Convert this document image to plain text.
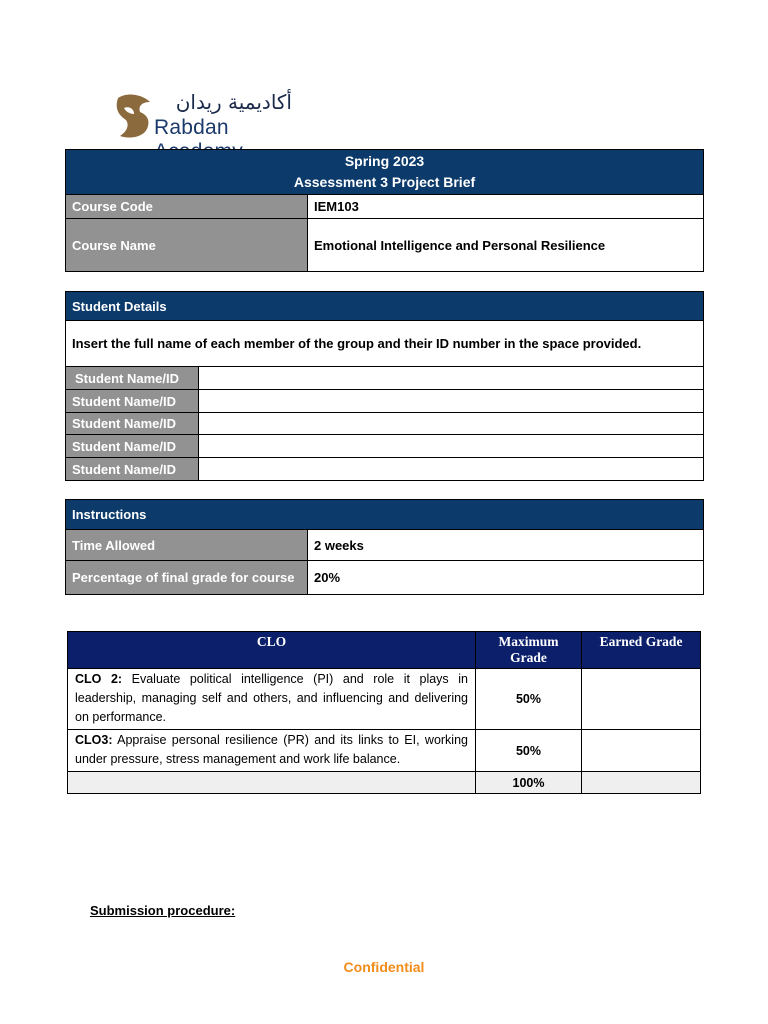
أكاديمية ريدان
Rabdan
Spring 2023
Assessment 3 Project Brief	

Course Code	IEM103
Course Name	Emotional Intelligence and Personal Resilience
Student Details	
Insert the full name of each member of the group and their ID number in the space provided.	
Student Name/ID	
Student Name/ID	
Student Name/ID	
Student Name/ID	
Student Name/ID	
Instructions	
Time Allowed	2 weeks
Percentage of final grade for course	20%
CLO	Maximum Grade	Earned Grade
CLO 2: Evaluate political intelligence (PI) and role it plays in leadership, managing self and others, and influencing and delivering on performance.	50%	
CLO3: Appraise personal resilience (PR) and its links to EI, working under pressure, stress management and work life balance.	50%	
	100%	
Submission procedure:
Confidential
